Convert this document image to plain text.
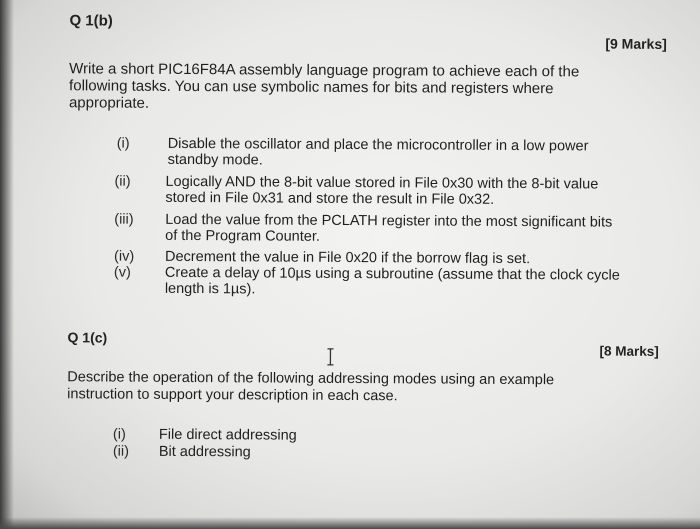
Q 1(b)
[9 Marks]
Write a short PIC16F84A assembly language program to achieve each of the
following tasks. You can use symbolic names for bits and registers where
appropriate.
(i)	Disable the oscillator and place the microcontroller in a low power
standby mode.
(ii)	Logically AND the 8-bit value stored in File 0x30 with the 8-bit value
stored in File 0x31 and store the result in File 0x32.
(iii)	Load the value from the PCLATH register into the most significant bits
of the Program Counter.
(iv)	Decrement the value in File 0x20 if the borrow flag is set.
(v)	Create a delay of 10µs using a subroutine (assume that the clock cycle
length is 1µs).
Q 1(c)
[8 Marks]
Describe the operation of the following addressing modes using an example
instruction to support your description in each case.
(i)	File direct addressing
(ii)	Bit addressing
